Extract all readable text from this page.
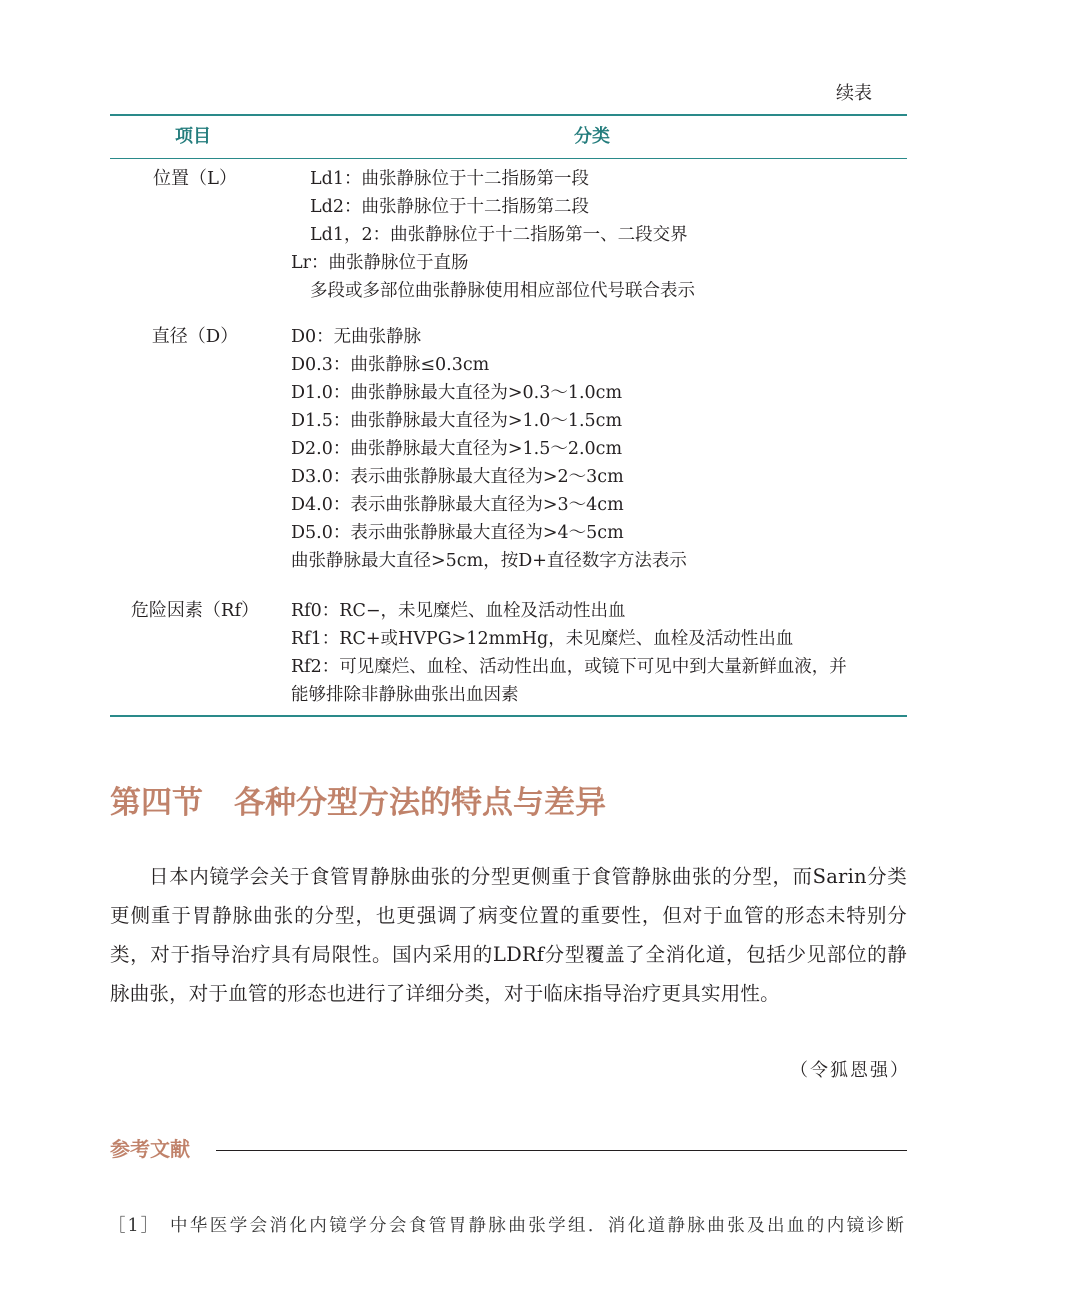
续表
项目	分类
位置（L）	Ld1：曲张静脉位于十二指肠第一段
Ld2：曲张静脉位于十二指肠第二段
Ld1，2：曲张静脉位于十二指肠第一、二段交界
Lr：曲张静脉位于直肠
多段或多部位曲张静脉使用相应部位代号联合表示
直径（D）	D0：无曲张静脉
D0.3：曲张静脉≤0.3cm
D1.0：曲张静脉最大直径为>0.3～1.0cm
D1.5：曲张静脉最大直径为>1.0～1.5cm
D2.0：曲张静脉最大直径为>1.5～2.0cm
D3.0：表示曲张静脉最大直径为>2～3cm
D4.0：表示曲张静脉最大直径为>3～4cm
D5.0：表示曲张静脉最大直径为>4～5cm
曲张静脉最大直径>5cm，按D+直径数字方法表示
危险因素（Rf）	Rf0：RC−，未见糜烂、血栓及活动性出血
Rf1：RC+或HVPG>12mmHg，未见糜烂、血栓及活动性出血
Rf2：可见糜烂、血栓、活动性出血，或镜下可见中到大量新鲜血液，并
能够排除非静脉曲张出血因素
第四节　各种分型方法的特点与差异

日本内镜学会关于食管胃静脉曲张的分型更侧重于食管静脉曲张的分型，而Sarin分类更侧重于胃静脉曲张的分型，也更强调了病变位置的重要性，但对于血管的形态未特别分类，对于指导治疗具有局限性。国内采用的LDRf分型覆盖了全消化道，包括少见部位的静脉曲张，对于血管的形态也进行了详细分类，对于临床指导治疗更具实用性。

（令狐恩强）
参考文献
［1］ 中华医学会消化内镜学分会食管胃静脉曲张学组．消化道静脉曲张及出血的内镜诊断
